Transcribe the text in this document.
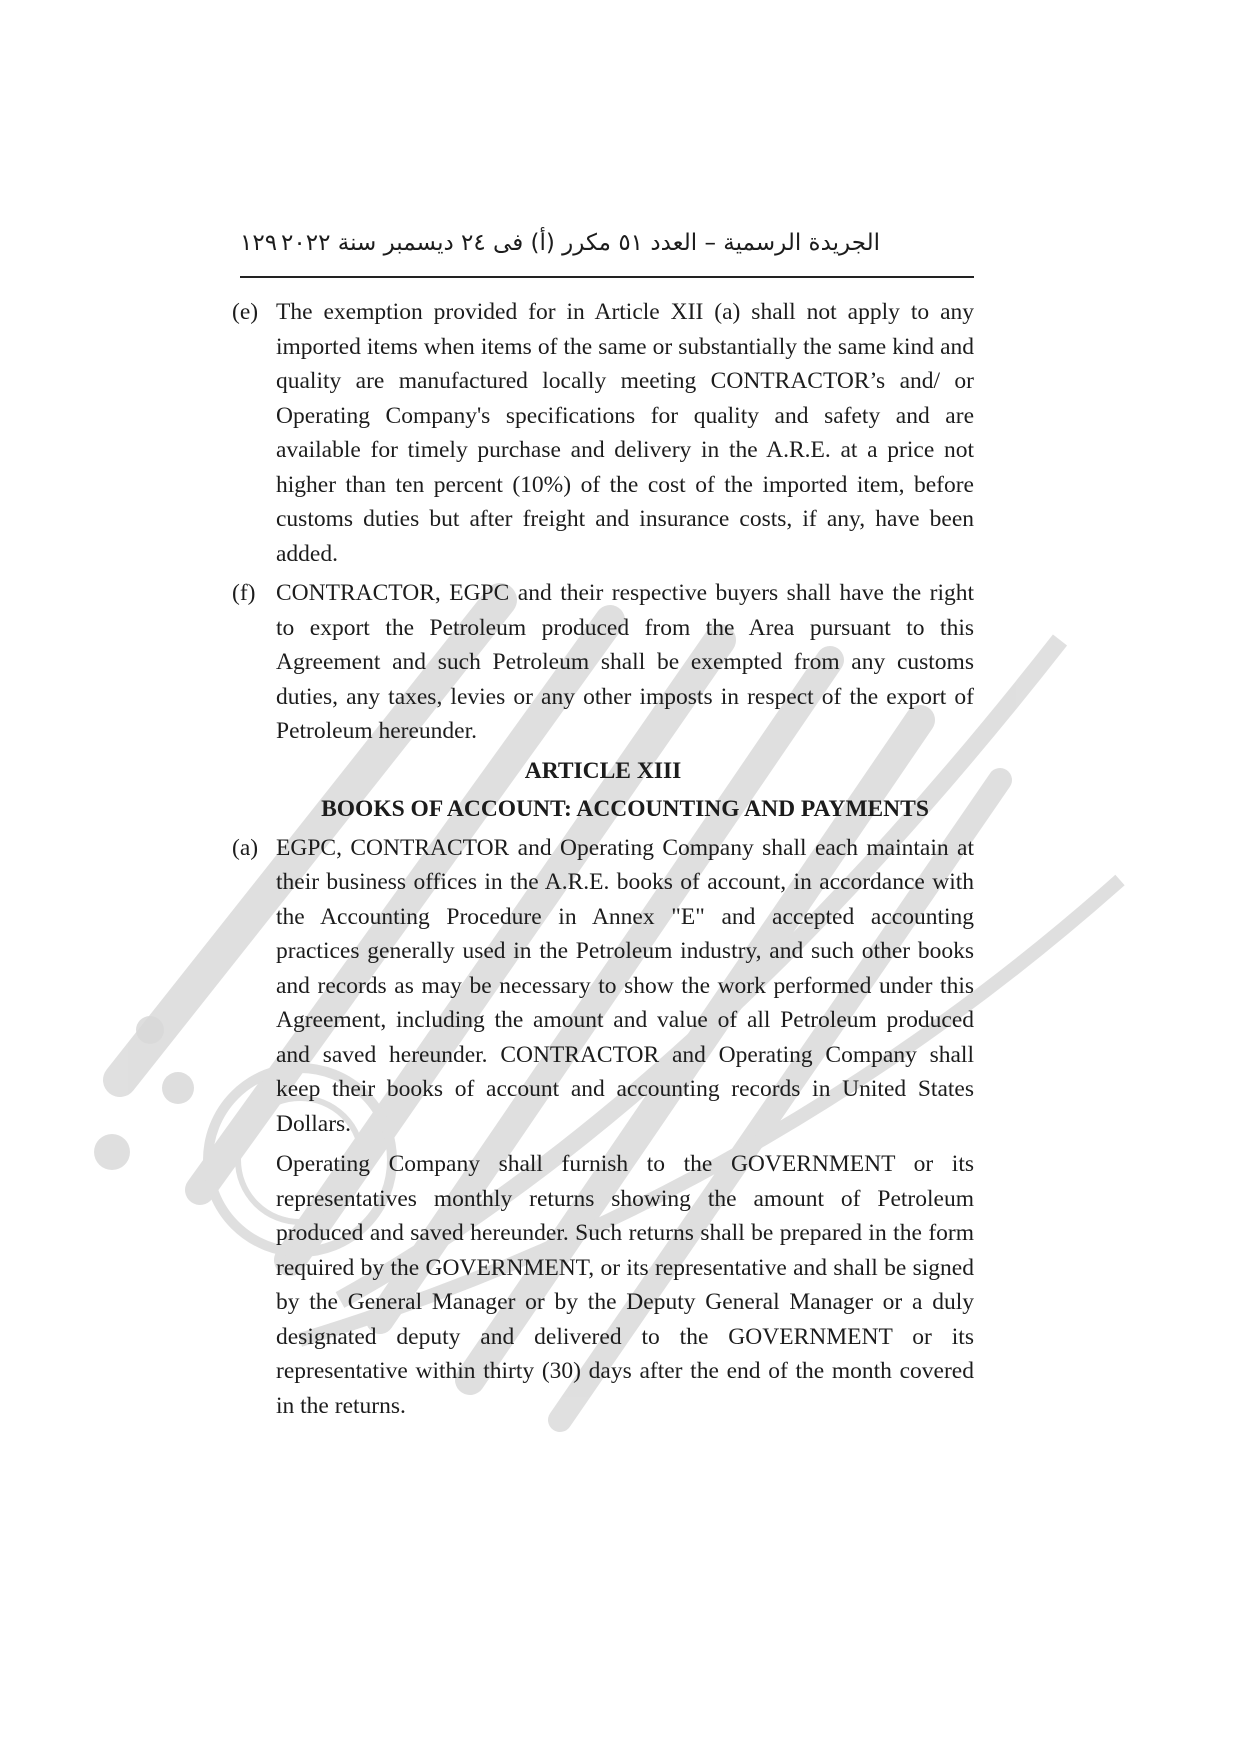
١٢٩ الجريدة الرسمية – العدد ٥١ مكرر (أ) فى ٢٤ ديسمبر سنة ٢٠٢٢
(e) The exemption provided for in Article XII (a) shall not apply to any imported items when items of the same or substantially the same kind and quality are manufactured locally meeting CONTRACTOR’s and/ or Operating Company's specifications for quality and safety and are available for timely purchase and delivery in the A.R.E. at a price not higher than ten percent (10%) of the cost of the imported item, before customs duties but after freight and insurance costs, if any, have been added.
(f) CONTRACTOR, EGPC and their respective buyers shall have the right to export the Petroleum produced from the Area pursuant to this Agreement and such Petroleum shall be exempted from any customs duties, any taxes, levies or any other imposts in respect of the export of Petroleum hereunder.
ARTICLE XIII
BOOKS OF ACCOUNT: ACCOUNTING AND PAYMENTS
(a) EGPC, CONTRACTOR and Operating Company shall each maintain at their business offices in the A.R.E. books of account, in accordance with the Accounting Procedure in Annex "E" and accepted accounting practices generally used in the Petroleum industry, and such other books and records as may be necessary to show the work performed under this Agreement, including the amount and value of all Petroleum produced and saved hereunder. CONTRACTOR and Operating Company shall keep their books of account and accounting records in United States Dollars.
Operating Company shall furnish to the GOVERNMENT or its representatives monthly returns showing the amount of Petroleum produced and saved hereunder. Such returns shall be prepared in the form required by the GOVERNMENT, or its representative and shall be signed by the General Manager or by the Deputy General Manager or a duly designated deputy and delivered to the GOVERNMENT or its representative within thirty (30) days after the end of the month covered in the returns.
